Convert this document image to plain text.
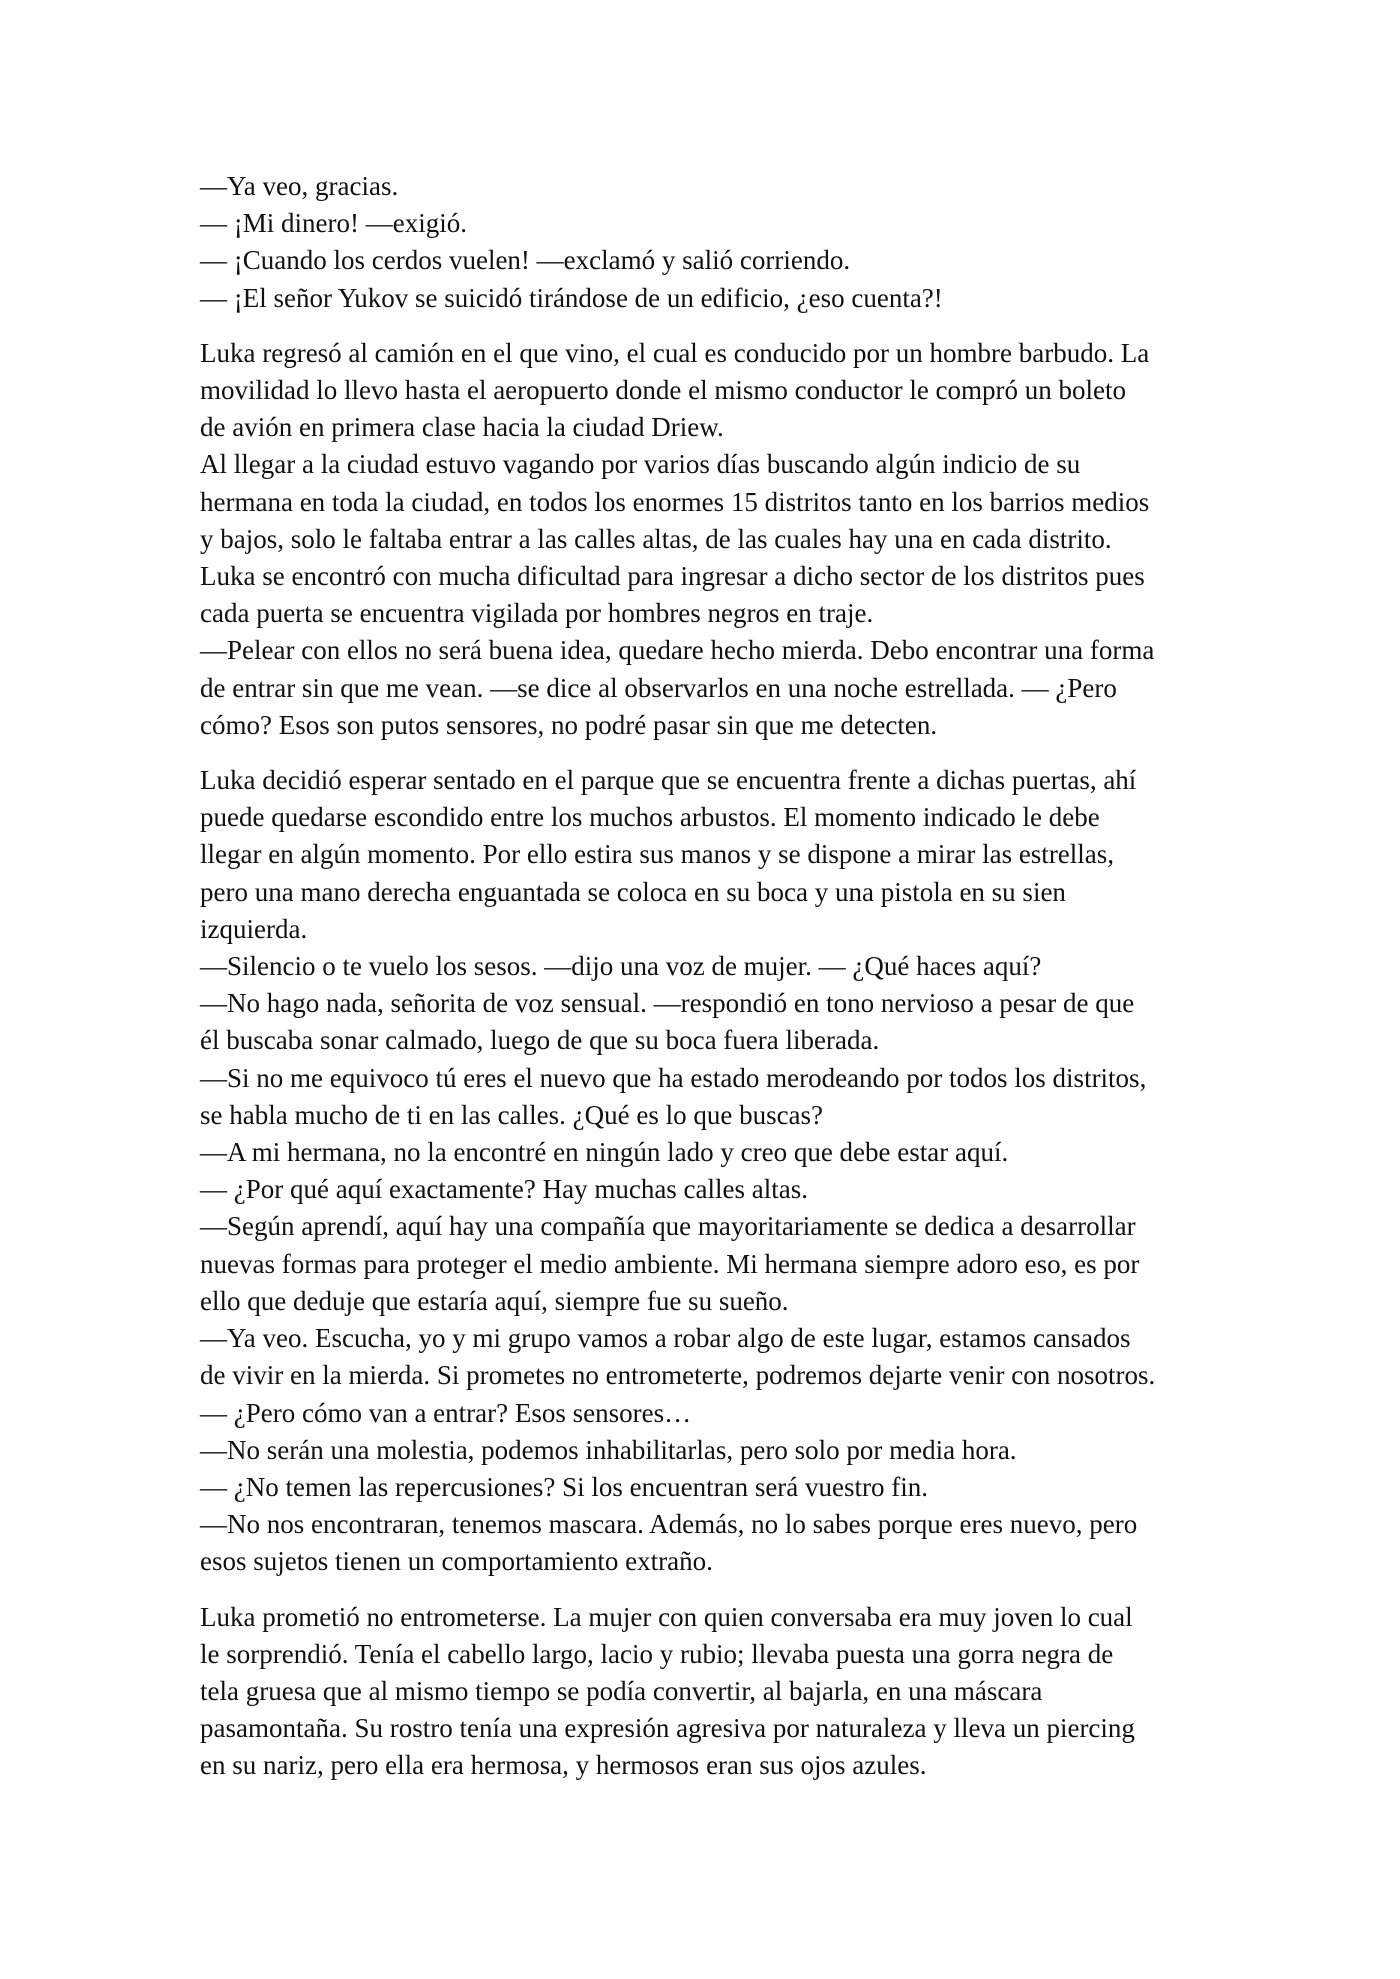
—Ya veo, gracias.
— ¡Mi dinero! —exigió.
— ¡Cuando los cerdos vuelen! —exclamó y salió corriendo.
— ¡El señor Yukov se suicidó tirándose de un edificio, ¿eso cuenta?!
Luka regresó al camión en el que vino, el cual es conducido por un hombre barbudo. La
movilidad lo llevo hasta el aeropuerto donde el mismo conductor le compró un boleto
de avión en primera clase hacia la ciudad Driew.
Al llegar a la ciudad estuvo vagando por varios días buscando algún indicio de su
hermana en toda la ciudad, en todos los enormes 15 distritos tanto en los barrios medios
y bajos, solo le faltaba entrar a las calles altas, de las cuales hay una en cada distrito.
Luka se encontró con mucha dificultad para ingresar a dicho sector de los distritos pues
cada puerta se encuentra vigilada por hombres negros en traje.
—Pelear con ellos no será buena idea, quedare hecho mierda. Debo encontrar una forma
de entrar sin que me vean. —se dice al observarlos en una noche estrellada. — ¿Pero
cómo? Esos son putos sensores, no podré pasar sin que me detecten.
Luka decidió esperar sentado en el parque que se encuentra frente a dichas puertas, ahí
puede quedarse escondido entre los muchos arbustos. El momento indicado le debe
llegar en algún momento. Por ello estira sus manos y se dispone a mirar las estrellas,
pero una mano derecha enguantada se coloca en su boca y una pistola en su sien
izquierda.
—Silencio o te vuelo los sesos. —dijo una voz de mujer. — ¿Qué haces aquí?
—No hago nada, señorita de voz sensual. —respondió en tono nervioso a pesar de que
él buscaba sonar calmado, luego de que su boca fuera liberada.
—Si no me equivoco tú eres el nuevo que ha estado merodeando por todos los distritos,
se habla mucho de ti en las calles. ¿Qué es lo que buscas?
—A mi hermana, no la encontré en ningún lado y creo que debe estar aquí.
— ¿Por qué aquí exactamente? Hay muchas calles altas.
—Según aprendí, aquí hay una compañía que mayoritariamente se dedica a desarrollar
nuevas formas para proteger el medio ambiente. Mi hermana siempre adoro eso, es por
ello que deduje que estaría aquí, siempre fue su sueño.
—Ya veo. Escucha, yo y mi grupo vamos a robar algo de este lugar, estamos cansados
de vivir en la mierda. Si prometes no entrometerte, podremos dejarte venir con nosotros.
— ¿Pero cómo van a entrar? Esos sensores…
—No serán una molestia, podemos inhabilitarlas, pero solo por media hora.
— ¿No temen las repercusiones? Si los encuentran será vuestro fin.
—No nos encontraran, tenemos mascara. Además, no lo sabes porque eres nuevo, pero
esos sujetos tienen un comportamiento extraño.
Luka prometió no entrometerse. La mujer con quien conversaba era muy joven lo cual
le sorprendió. Tenía el cabello largo, lacio y rubio; llevaba puesta una gorra negra de
tela gruesa que al mismo tiempo se podía convertir, al bajarla, en una máscara
pasamontaña. Su rostro tenía una expresión agresiva por naturaleza y lleva un piercing
en su nariz, pero ella era hermosa, y hermosos eran sus ojos azules.
